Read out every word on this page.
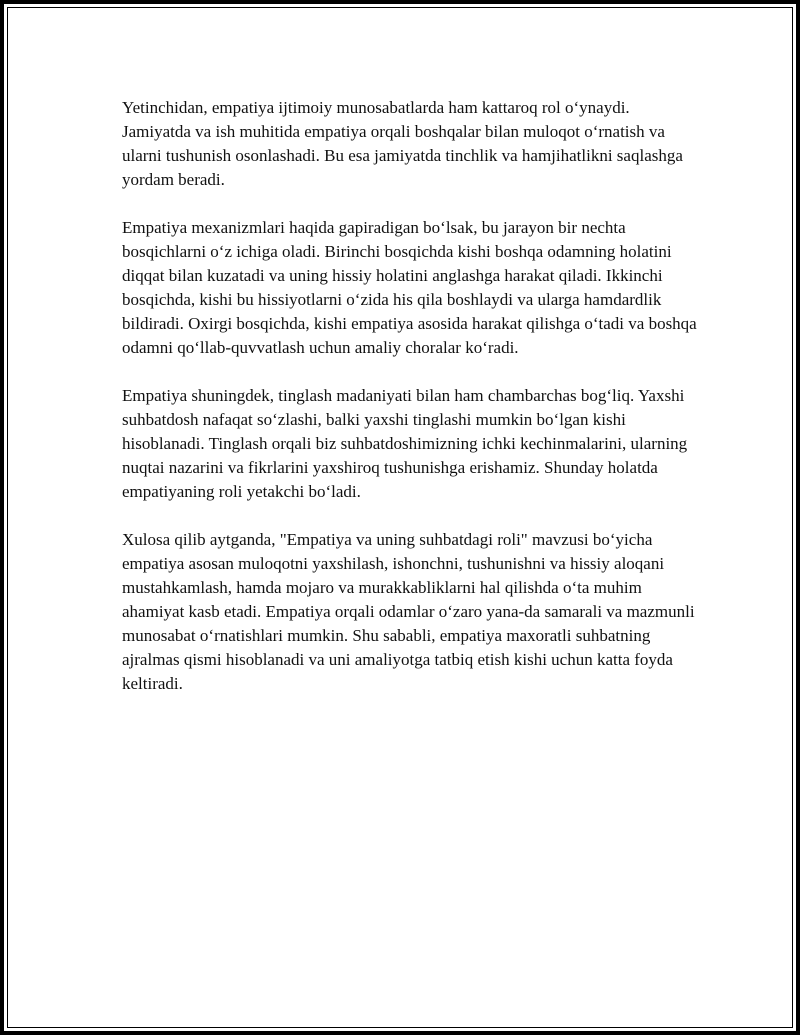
Yetinchidan, empatiya ijtimoiy munosabatlarda ham kattaroq rol o‘ynaydi. Jamiyatda va ish muhitida empatiya orqali boshqalar bilan muloqot o‘rnatish va ularni tushunish osonlashadi. Bu esa jamiyatda tinchlik va hamjihatlikni saqlashga yordam beradi.

Empatiya mexanizmlari haqida gapiradigan bo‘lsak, bu jarayon bir nechta bosqichlarni o‘z ichiga oladi. Birinchi bosqichda kishi boshqa odamning holatini diqqat bilan kuzatadi va uning hissiy holatini anglashga harakat qiladi. Ikkinchi bosqichda, kishi bu hissiyotlarni o‘zida his qila boshlaydi va ularga hamdardlik bildiradi. Oxirgi bosqichda, kishi empatiya asosida harakat qilishga o‘tadi va boshqa odamni qo‘llab-quvvatlash uchun amaliy choralar ko‘radi.

Empatiya shuningdek, tinglash madaniyati bilan ham chambarchas bog‘liq. Yaxshi suhbatdosh nafaqat so‘zlashi, balki yaxshi tinglashi mumkin bo‘lgan kishi hisoblanadi. Tinglash orqali biz suhbatdoshimizning ichki kechinmalarini, ularning nuqtai nazarini va fikrlarini yaxshiroq tushunishga erishamiz. Shunday holatda empatiyaning roli yetakchi bo‘ladi.

Xulosa qilib aytganda, "Empatiya va uning suhbatdagi roli" mavzusi bo‘yicha empatiya asosan muloqotni yaxshilash, ishonchni, tushunishni va hissiy aloqani mustahkamlash, hamda mojaro va murakkabliklarni hal qilishda o‘ta muhim ahamiyat kasb etadi. Empatiya orqali odamlar o‘zaro yana-da samarali va mazmunli munosabat o‘rnatishlari mumkin. Shu sababli, empatiya maxoratli suhbatning ajralmas qismi hisoblanadi va uni amaliyotga tatbiq etish kishi uchun katta foyda keltiradi.
